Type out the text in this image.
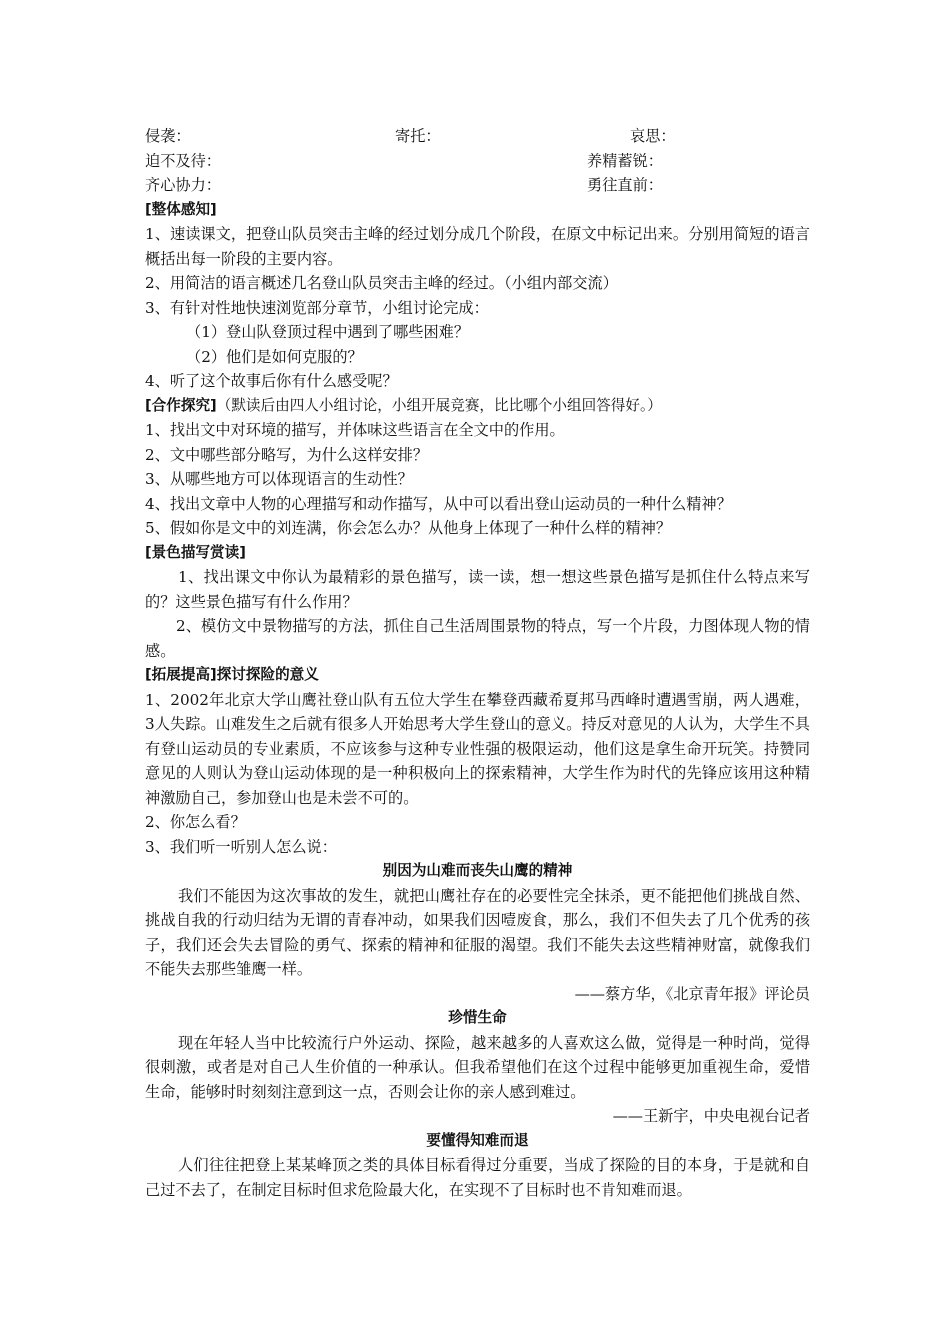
侵袭：	寄托：	哀思：
迫不及待：	养精蓄锐：
齐心协力：	勇往直前：
[整体感知]
1、速读课文，把登山队员突击主峰的经过划分成几个阶段，在原文中标记出来。分别用简短的语言概括出每一阶段的主要内容。
2、用简洁的语言概述几名登山队员突击主峰的经过。（小组内部交流）
3、有针对性地快速浏览部分章节，小组讨论完成：
（1）登山队登顶过程中遇到了哪些困难？
（2）他们是如何克服的？
4、听了这个故事后你有什么感受呢？
[合作探究]（默读后由四人小组讨论，小组开展竞赛，比比哪个小组回答得好。）
1、找出文中对环境的描写，并体味这些语言在全文中的作用。
2、文中哪些部分略写，为什么这样安排？
3、从哪些地方可以体现语言的生动性？
4、找出文章中人物的心理描写和动作描写，从中可以看出登山运动员的一种什么精神？
5、假如你是文中的刘连满，你会怎么办？从他身上体现了一种什么样的精神？
[景色描写赏读]
1、找出课文中你认为最精彩的景色描写，读一读，想一想这些景色描写是抓住什么特点来写的？这些景色描写有什么作用？
2、模仿文中景物描写的方法，抓住自己生活周围景物的特点，写一个片段，力图体现人物的情感。
[拓展提高]探讨探险的意义
1、2002年北京大学山鹰社登山队有五位大学生在攀登西藏希夏邦马西峰时遭遇雪崩，两人遇难，3人失踪。山难发生之后就有很多人开始思考大学生登山的意义。持反对意见的人认为，大学生不具有登山运动员的专业素质，不应该参与这种专业性强的极限运动，他们这是拿生命开玩笑。持赞同意见的人则认为登山运动体现的是一种积极向上的探索精神，大学生作为时代的先锋应该用这种精神激励自己，参加登山也是未尝不可的。
2、你怎么看？
3、我们听一听别人怎么说：
别因为山难而丧失山鹰的精神
我们不能因为这次事故的发生，就把山鹰社存在的必要性完全抹杀，更不能把他们挑战自然、挑战自我的行动归结为无谓的青春冲动，如果我们因噎废食，那么，我们不但失去了几个优秀的孩子，我们还会失去冒险的勇气、探索的精神和征服的渴望。我们不能失去这些精神财富，就像我们不能失去那些雏鹰一样。
——蔡方华，《北京青年报》评论员
珍惜生命
现在年轻人当中比较流行户外运动、探险，越来越多的人喜欢这么做，觉得是一种时尚，觉得很刺激，或者是对自己人生价值的一种承认。但我希望他们在这个过程中能够更加重视生命，爱惜生命，能够时时刻刻注意到这一点，否则会让你的亲人感到难过。
——王新宇，中央电视台记者
要懂得知难而退
人们往往把登上某某峰顶之类的具体目标看得过分重要，当成了探险的目的本身，于是就和自己过不去了，在制定目标时但求危险最大化，在实现不了目标时也不肯知难而退。
